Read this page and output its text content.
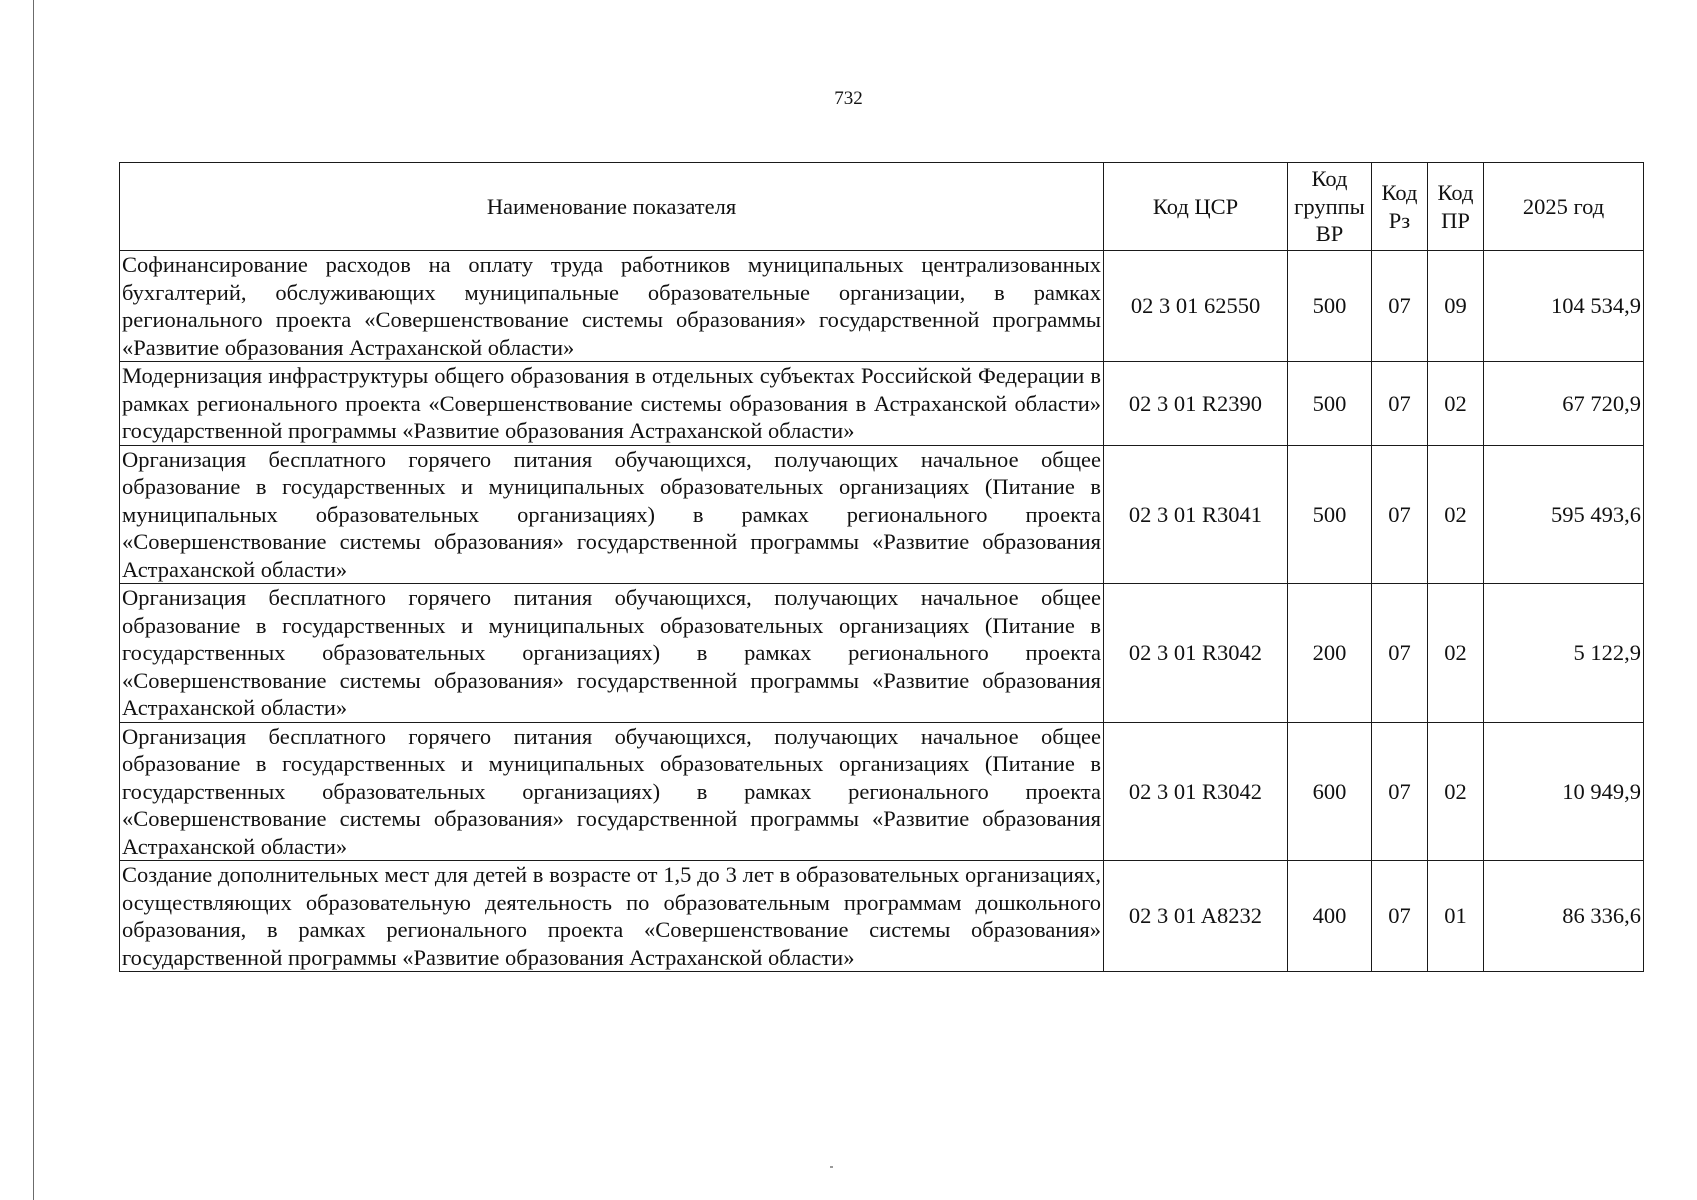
732
Наименование показателя	Код ЦСР	Код группы ВР	Код Рз	Код ПР	2025 год
Софинансирование расходов на оплату труда работников муниципальных централизованных бухгалтерий, обслуживающих муниципальные образовательные организации, в рамках регионального проекта «Совершенствование системы образования» государственной программы «Развитие образования Астраханской области»	02 3 01 62550	500	07	09	104 534,9
Модернизация инфраструктуры общего образования в отдельных субъектах Российской Федерации в рамках регионального проекта «Совершенствование системы образования в Астраханской области» государственной программы «Развитие образования Астраханской области»	02 3 01 R2390	500	07	02	67 720,9
Организация бесплатного горячего питания обучающихся, получающих начальное общее образование в государственных и муниципальных образовательных организациях (Питание в муниципальных образовательных организациях) в рамках регионального проекта «Совершенствование системы образования» государственной программы «Развитие образования Астраханской области»	02 3 01 R3041	500	07	02	595 493,6
Организация бесплатного горячего питания обучающихся, получающих начальное общее образование в государственных и муниципальных образовательных организациях (Питание в государственных образовательных организациях) в рамках регионального проекта «Совершенствование системы образования» государственной программы «Развитие образования Астраханской области»	02 3 01 R3042	200	07	02	5 122,9
Организация бесплатного горячего питания обучающихся, получающих начальное общее образование в государственных и муниципальных образовательных организациях (Питание в государственных образовательных организациях) в рамках регионального проекта «Совершенствование системы образования» государственной программы «Развитие образования Астраханской области»	02 3 01 R3042	600	07	02	10 949,9
Создание дополнительных мест для детей в возрасте от 1,5 до 3 лет в образовательных организациях, осуществляющих образовательную деятельность по образовательным программам дошкольного образования, в рамках регионального проекта «Совершенствование системы образования» государственной программы «Развитие образования Астраханской области»	02 3 01 A8232	400	07	01	86 336,6
